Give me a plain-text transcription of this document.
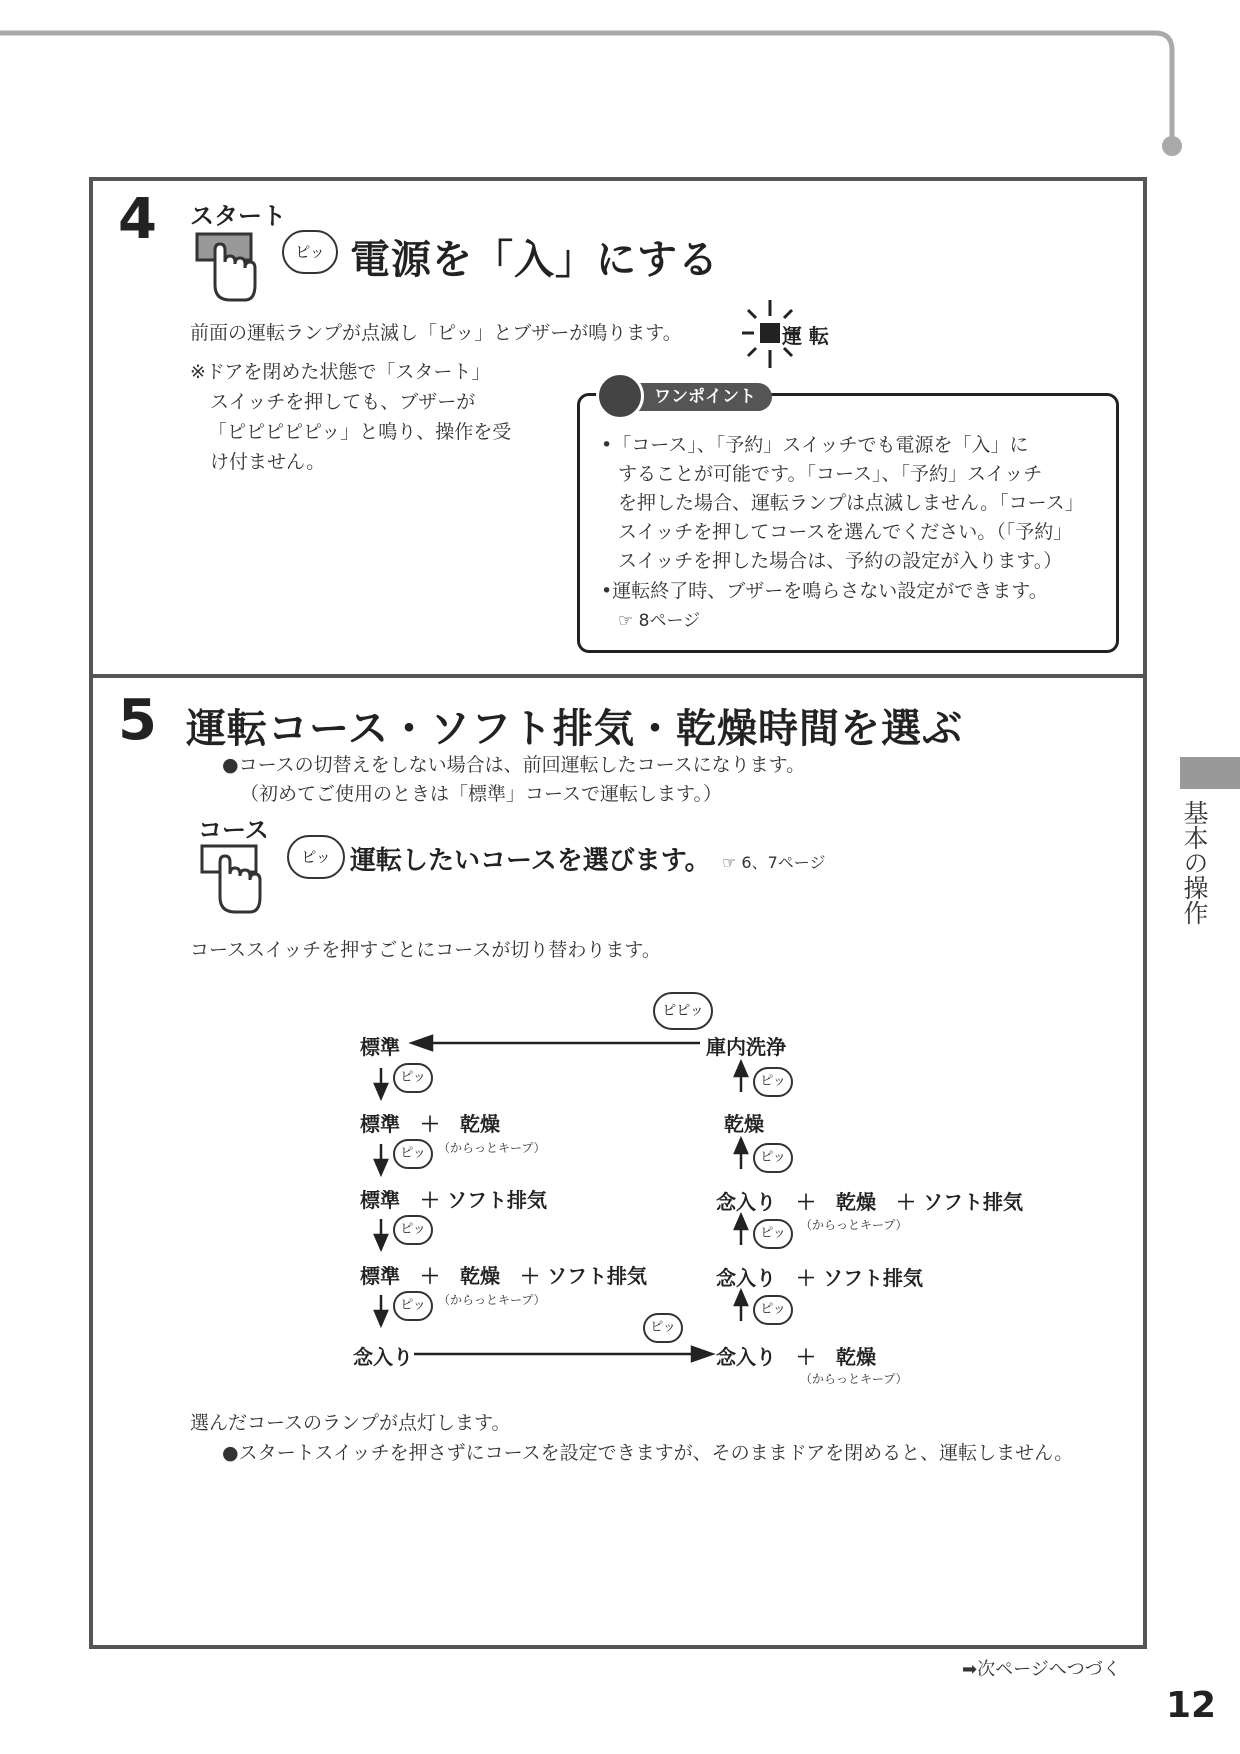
4 スタート
ピッ 電源を「入」にする
前面の運転ランプが点滅し「ピッ」とブザーが鳴ります。	運 転
※ドアを閉めた状態で「スタート」
スイッチを押しても、ブザーが
「ピピピピピッ」と鳴り、操作を受
け付ません。
ワンポイント
•「コース」、「予約」スイッチでも電源を「入」に
することが可能です。「コース」、「予約」スイッチ
を押した場合、運転ランプは点滅しません。「コース」
スイッチを押してコースを選んでください。（「予約」
スイッチを押した場合は、予約の設定が入ります。）
•運転終了時、ブザーを鳴らさない設定ができます。
☞ 8ページ
5 運転コース・ソフト排気・乾燥時間を選ぶ
●コースの切替えをしない場合は、前回運転したコースになります。
（初めてご使用のときは「標準」コースで運転します。）
コース
ピッ 運転したいコースを選びます。 ☞ 6、7ページ
コーススイッチを押すごとにコースが切り替わります。
ピピッ
ピッ
ピッ
ピッ
ピッ
ピッ
ピッ
ピッ
ピッ
ピッ
標準
標準　＋　乾燥
（からっとキープ）
標準　＋ ソフト排気
標準　＋　乾燥　＋ ソフト排気
（からっとキープ）
念入り
庫内洗浄
乾燥
念入り　＋　乾燥　＋ ソフト排気
（からっとキープ）
念入り　＋ ソフト排気
念入り　＋　乾燥
（からっとキープ）
選んだコースのランプが点灯します。
●スタートスイッチを押さずにコースを設定できますが、そのままドアを閉めると、運転しません。
基本の操作
➡次ページへつづく
12
